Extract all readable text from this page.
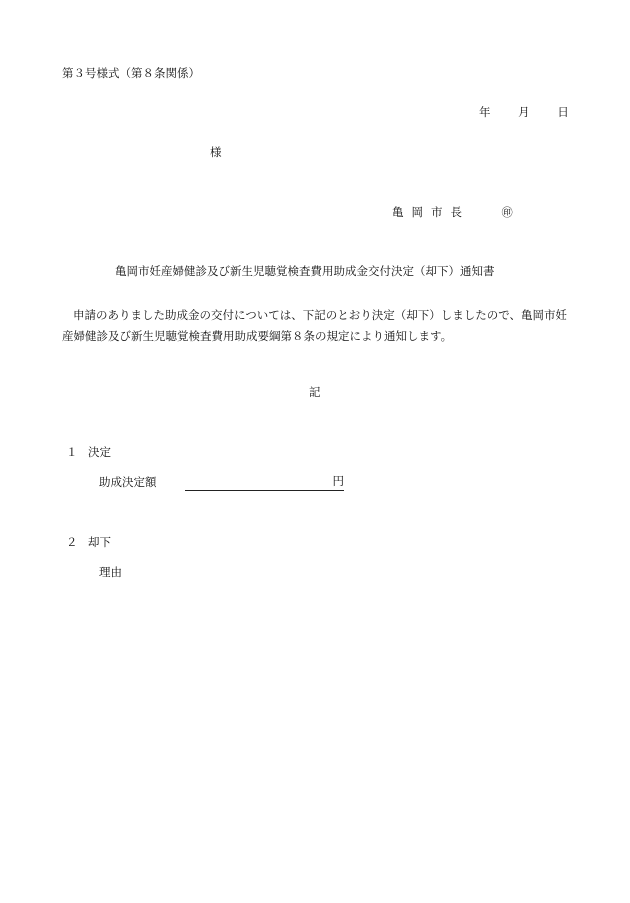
第３号様式（第８条関係）
年 月 日
様
亀岡市長	㊞
亀岡市妊産婦健診及び新生児聴覚検査費用助成金交付決定（却下）通知書
申請のありました助成金の交付については、下記のとおり決定（却下）しましたので、亀岡市妊産婦健診及び新生児聴覚検査費用助成要綱第８条の規定により通知します。
記
１ 決定
助成決定額	円
２ 却下
理由
